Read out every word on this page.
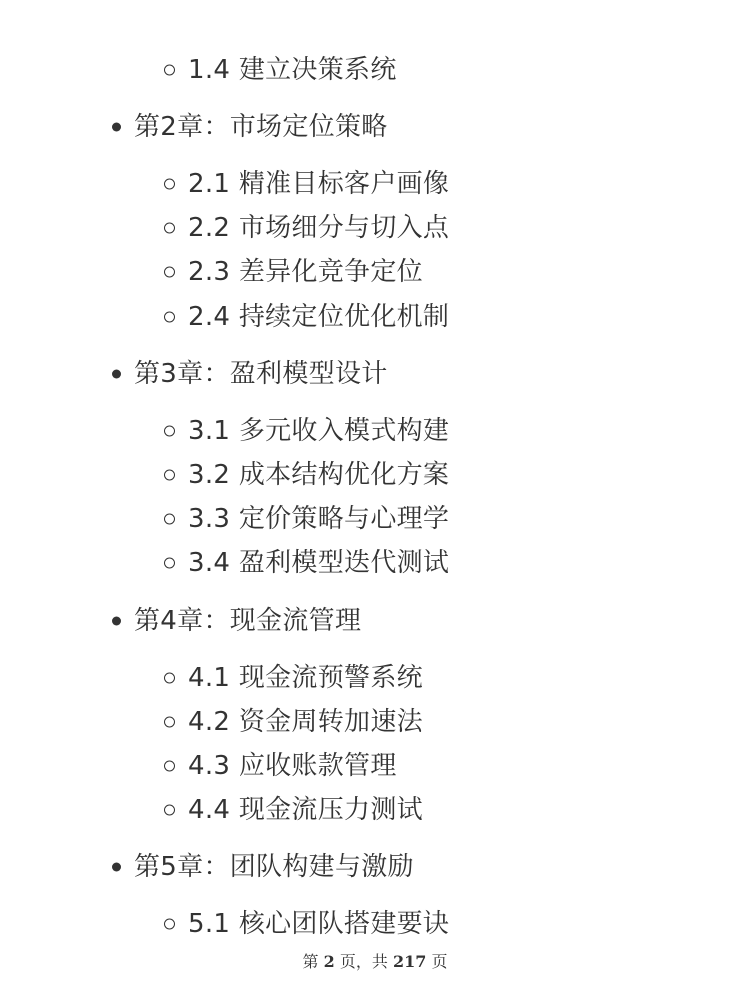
1.4 建立决策系统
第2章：市场定位策略
2.1 精准目标客户画像
2.2 市场细分与切入点
2.3 差异化竞争定位
2.4 持续定位优化机制
第3章：盈利模型设计
3.1 多元收入模式构建
3.2 成本结构优化方案
3.3 定价策略与心理学
3.4 盈利模型迭代测试
第4章：现金流管理
4.1 现金流预警系统
4.2 资金周转加速法
4.3 应收账款管理
4.4 现金流压力测试
第5章：团队构建与激励
5.1 核心团队搭建要诀
第 2 页，共 217 页
